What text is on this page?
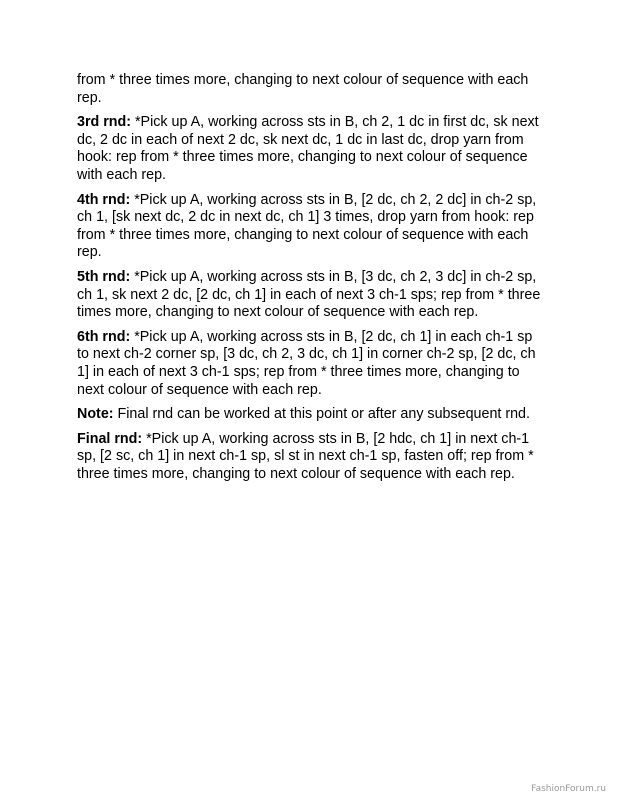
from * three times more, changing to next colour of sequence with each rep.

3rd rnd: *Pick up A, working across sts in B, ch 2, 1 dc in first dc, sk next dc, 2 dc in each of next 2 dc, sk next dc, 1 dc in last dc, drop yarn from hook: rep from * three times more, changing to next colour of sequence with each rep.

4th rnd: *Pick up A, working across sts in B, [2 dc, ch 2, 2 dc] in ch-2 sp, ch 1, [sk next dc, 2 dc in next dc, ch 1] 3 times, drop yarn from hook: rep from * three times more, changing to next colour of sequence with each rep.

5th rnd: *Pick up A, working across sts in B, [3 dc, ch 2, 3 dc] in ch-2 sp, ch 1, sk next 2 dc, [2 dc, ch 1] in each of next 3 ch-1 sps; rep from * three times more, changing to next colour of sequence with each rep.

6th rnd: *Pick up A, working across sts in B, [2 dc, ch 1] in each ch-1 sp to next ch-2 corner sp, [3 dc, ch 2, 3 dc, ch 1] in corner ch-2 sp, [2 dc, ch 1] in each of next 3 ch-1 sps; rep from * three times more, changing to next colour of sequence with each rep.

Note: Final rnd can be worked at this point or after any subsequent rnd.

Final rnd: *Pick up A, working across sts in B, [2 hdc, ch 1] in next ch-1 sp, [2 sc, ch 1] in next ch-1 sp, sl st in next ch-1 sp, fasten off; rep from * three times more, changing to next colour of sequence with each rep.

FashionForum.ru
